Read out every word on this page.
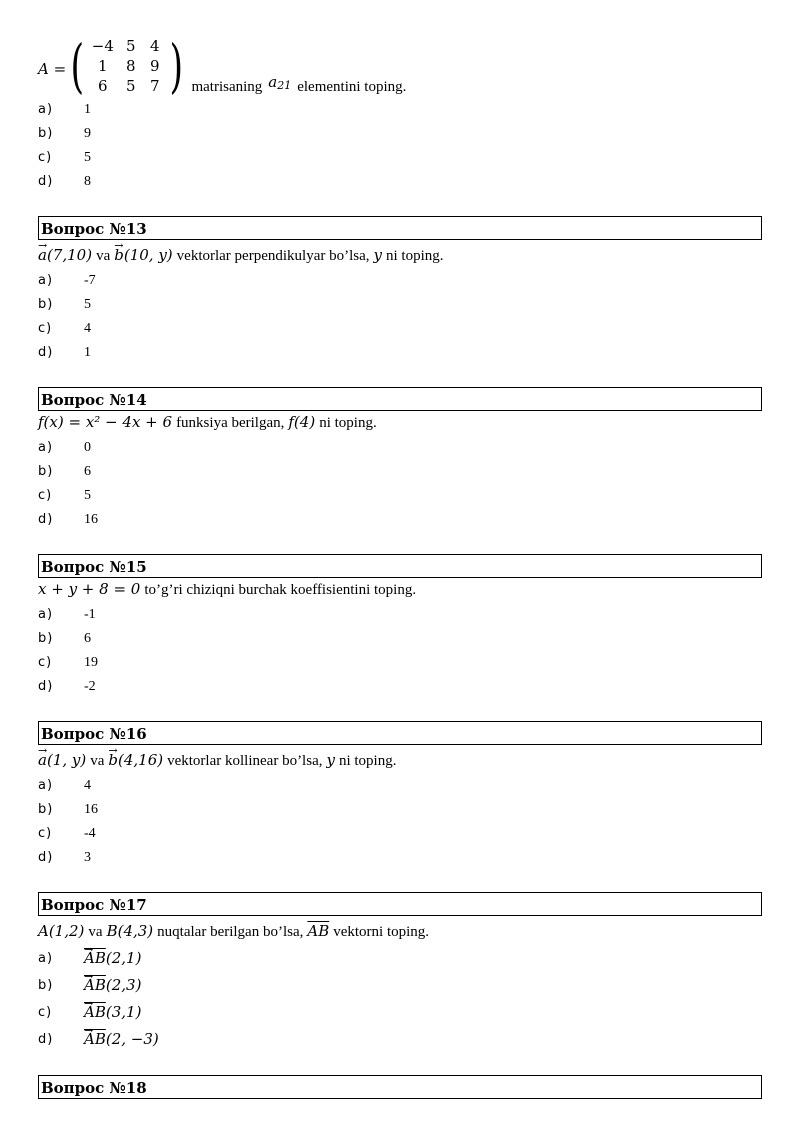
A = ( −4 5 4
1	8 9
6	5 7 ) matrisaning a21 elementini toping.
a)	1
b)	9
c)	5
d)	8
Вопрос №13
→ a(7,10) va → b(10, y) vektorlar perpendikulyar bo’lsa, y ni toping.
a)	-7
b)	5
c)	4
d)	1
Вопрос №14
f(x) = x² − 4x + 6 funksiya berilgan, f(4) ni toping.
a)	0
b)	6
c)	5
d)	16
Вопрос №15
x + y + 8 = 0 to’g’ri chiziqni burchak koeffisientini toping.
a)	-1
b)	6
c)	19
d)	-2
Вопрос №16
→ a(1, y) va → b(4,16) vektorlar kollinear bo’lsa, y ni toping.
a)	4
b)	16
c)	-4
d)	3
Вопрос №17
A(1,2) va B(4,3) nuqtalar berilgan bo’lsa, $\overline{AB}$ vektorni toping.
a)	→ $\overline{AB}(2,1)$
b)	→ $\overline{AB}(2,3)$
c)	→ $\overline{AB}(3,1)$
d)	→ $\overline{AB}(2$, −3)
Вопрос №18
